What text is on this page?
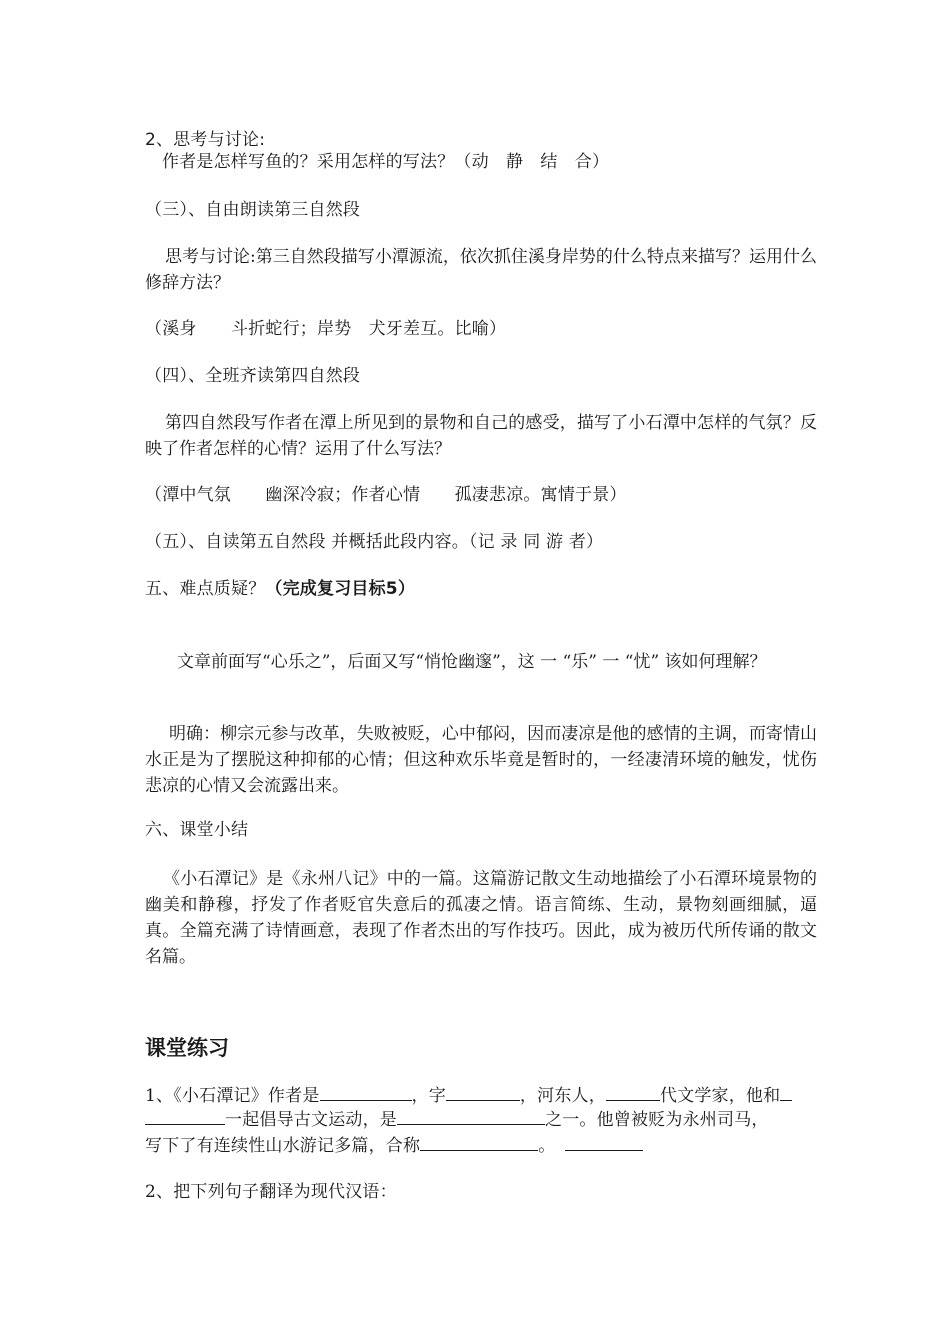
2、思考与讨论:
作者是怎样写鱼的？采用怎样的写法？（动　静　结　合）
（三）、自由朗读第三自然段
思考与讨论:第三自然段描写小潭源流，依次抓住溪身岸势的什么特点来描写？运用什么修辞方法？
（溪身　　斗折蛇行；岸势　犬牙差互。比喻）
（四）、全班齐读第四自然段
第四自然段写作者在潭上所见到的景物和自己的感受，描写了小石潭中怎样的气氛？反映了作者怎样的心情？运用了什么写法？
（潭中气氛　　幽深冷寂；作者心情　　孤凄悲凉。寓情于景）
（五）、自读第五自然段 并概括此段内容。（记 录 同 游 者）
五、难点质疑？（完成复习目标5）
文章前面写“心乐之”，后面又写“悄怆幽邃”，这 一 “乐” 一 “忧” 该如何理解？
明确：柳宗元参与改革，失败被贬，心中郁闷，因而凄凉是他的感情的主调，而寄情山水正是为了摆脱这种抑郁的心情；但这种欢乐毕竟是暂时的，一经凄清环境的触发，忧伤悲凉的心情又会流露出来。
六、课堂小结
《小石潭记》是《永州八记》中的一篇。这篇游记散文生动地描绘了小石潭环境景物的幽美和静穆，抒发了作者贬官失意后的孤凄之情。语言简练、生动，景物刻画细腻，逼真。全篇充满了诗情画意，表现了作者杰出的写作技巧。因此，成为被历代所传诵的散文名篇。
课堂练习
1、《小石潭记》作者是	，字	，河东人，	代文学家，他和
一起倡导古文运动，是	之一。他曾被贬为永州司马，
写下了有连续性山水游记多篇，合称	。
2、把下列句子翻译为现代汉语：
